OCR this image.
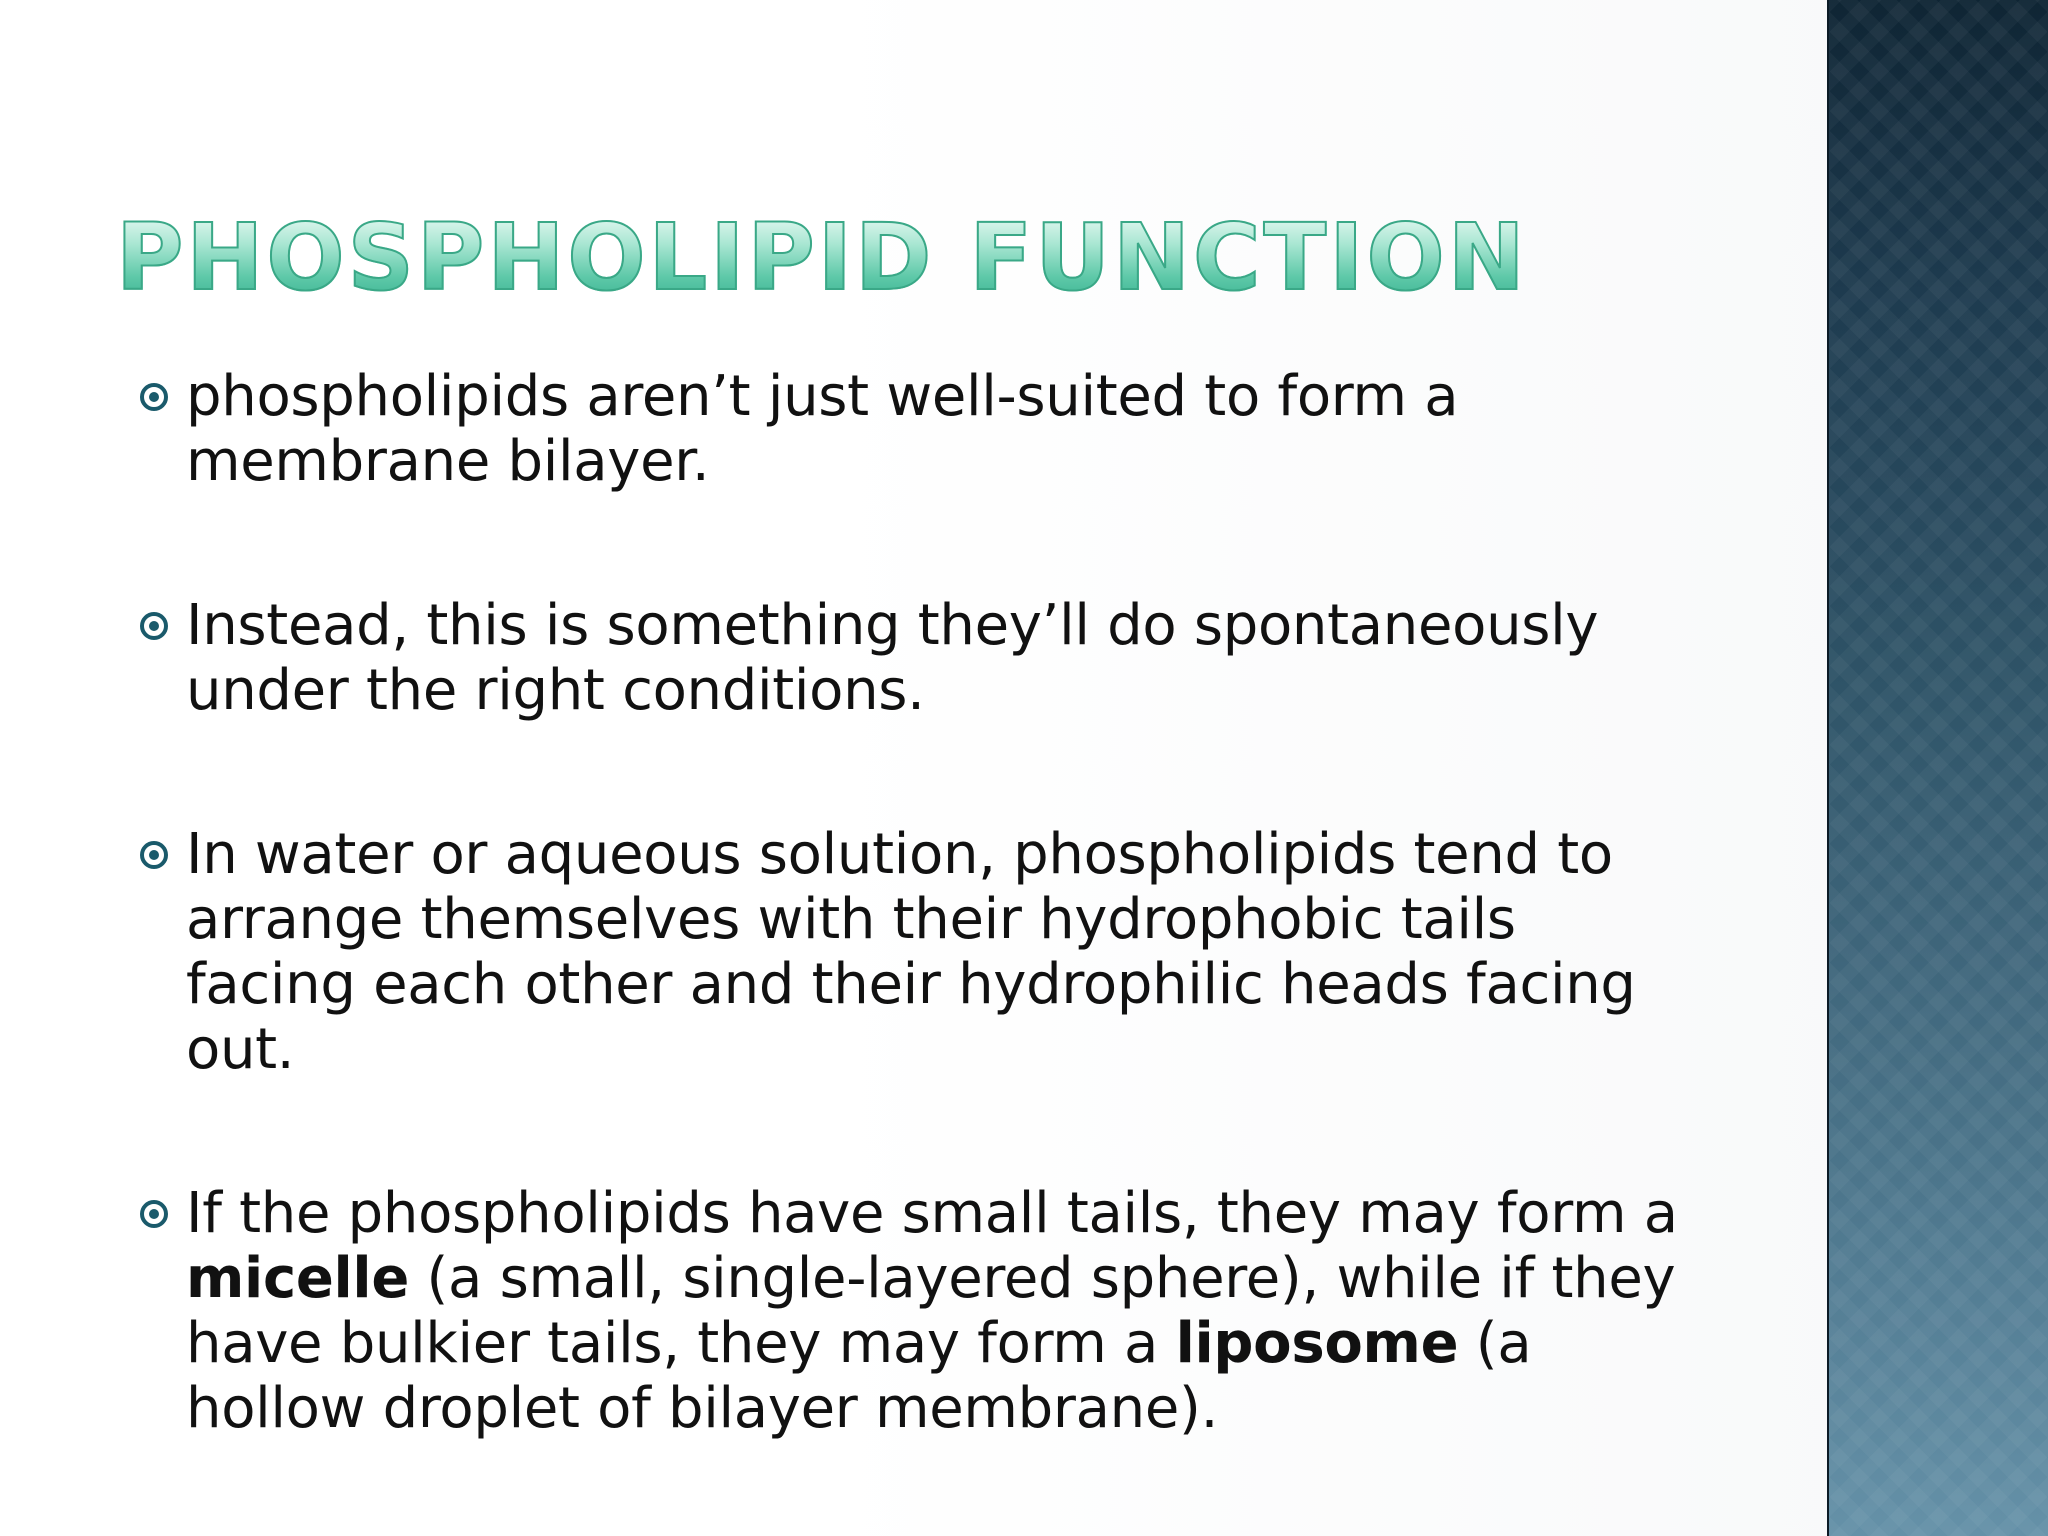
PHOSPHOLIPID FUNCTION
phospholipids aren’t just well-suited to form a membrane bilayer.
Instead, this is something they’ll do spontaneously under the right conditions.
In water or aqueous solution, phospholipids tend to arrange themselves with their hydrophobic tails facing each other and their hydrophilic heads facing out.
If the phospholipids have small tails, they may form a micelle (a small, single-layered sphere), while if they have bulkier tails, they may form a liposome (a hollow droplet of bilayer membrane).
